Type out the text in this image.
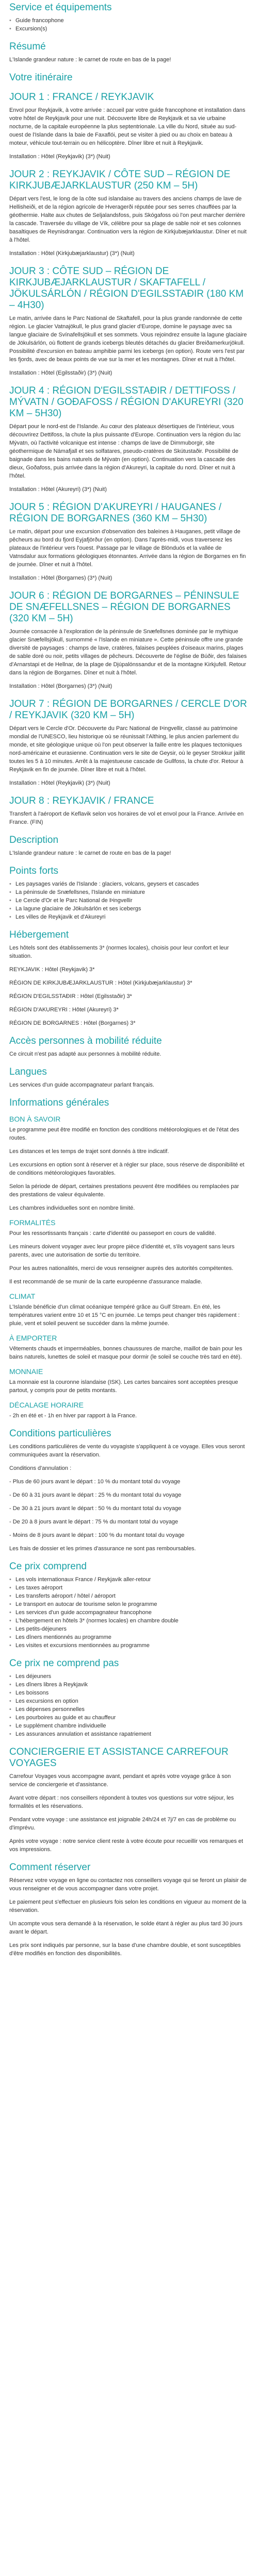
Service et équipements
• Guide francophone
• Excursion(s)
Résumé

L'Islande grandeur nature : le carnet de route en bas de la page!

Votre itinéraire
JOUR 1 : FRANCE / REYKJAVIK

Envol pour Reykjavik, à votre arrivée : accueil par votre guide francophone et installation dans votre hôtel de Reykjavik pour une nuit. Découverte libre de Reykjavik et sa vie urbaine nocturne, de la capitale européenne la plus septentrionale. La ville du Nord, située au sud-ouest de l'Islande dans la baie de Faxaflói, peut se visiter à pied ou au choix en bateau à moteur, véhicule tout-terrain ou en hélicoptère. Dîner libre et nuit à Reykjavik.

Installation : Hôtel (Reykjavik) (3*) (Nuit)

JOUR 2 : REYKJAVIK / CÔTE SUD – RÉGION DE KIRKJUBÆJARKLAUSTUR (250 KM – 5H)

Départ vers l'est, le long de la côte sud islandaise au travers des anciens champs de lave de Hellisheiði, et de la région agricole de Hveragerði réputée pour ses serres chauffées par la géothermie. Halte aux chutes de Seljalandsfoss, puis Skógafoss où l'on peut marcher derrière la cascade. Traversée du village de Vík, célèbre pour sa plage de sable noir et ses colonnes basaltiques de Reynisdrangar. Continuation vers la région de Kirkjubæjarklaustur. Dîner et nuit à l'hôtel.

Installation : Hôtel (Kirkjubæjarklaustur) (3*) (Nuit)

JOUR 3 : CÔTE SUD – RÉGION DE KIRKJUBÆJARKLAUSTUR / SKAFTAFELL / JÖKULSÁRLÓN / RÉGION D'EGILSSTAÐIR (180 KM – 4H30)

Le matin, arrivée dans le Parc National de Skaftafell, pour la plus grande randonnée de cette région. Le glacier Vatnajökull, le plus grand glacier d'Europe, domine le paysage avec sa langue glaciaire de Svínafellsjökull et ses sommets. Vous rejoindrez ensuite la lagune glaciaire de Jökulsárlón, où flottent de grands icebergs bleutés détachés du glacier Breiðamerkurjökull. Possibilité d'excursion en bateau amphibie parmi les icebergs (en option). Route vers l'est par les fjords, avec de beaux points de vue sur la mer et les montagnes. Dîner et nuit à l'hôtel.

Installation : Hôtel (Egilsstaðir) (3*) (Nuit)

JOUR 4 : RÉGION D'EGILSSTAÐIR / DETTIFOSS / MÝVATN / GOÐAFOSS / RÉGION D'AKUREYRI (320 KM – 5H30)

Départ pour le nord-est de l'Islande. Au cœur des plateaux désertiques de l'intérieur, vous découvrirez Dettifoss, la chute la plus puissante d'Europe. Continuation vers la région du lac Mývatn, où l'activité volcanique est intense : champs de lave de Dimmuborgir, site géothermique de Námafjall et ses solfatares, pseudo-cratères de Skútustaðir. Possibilité de baignade dans les bains naturels de Mývatn (en option). Continuation vers la cascade des dieux, Goðafoss, puis arrivée dans la région d'Akureyri, la capitale du nord. Dîner et nuit à l'hôtel.

Installation : Hôtel (Akureyri) (3*) (Nuit)

JOUR 5 : RÉGION D'AKUREYRI / HAUGANES / RÉGION DE BORGARNES (360 KM – 5H30)

Le matin, départ pour une excursion d'observation des baleines à Hauganes, petit village de pêcheurs au bord du fjord Eyjafjörður (en option). Dans l'après-midi, vous traverserez les plateaux de l'intérieur vers l'ouest. Passage par le village de Blönduós et la vallée de Vatnsdalur aux formations géologiques étonnantes. Arrivée dans la région de Borgarnes en fin de journée. Dîner et nuit à l'hôtel.

Installation : Hôtel (Borgarnes) (3*) (Nuit)

JOUR 6 : RÉGION DE BORGARNES – PÉNINSULE DE SNÆFELLSNES – RÉGION DE BORGARNES (320 KM – 5H)

Journée consacrée à l'exploration de la péninsule de Snæfellsnes dominée par le mythique glacier Snæfellsjökull, surnommé « l'Islande en miniature ». Cette péninsule offre une grande diversité de paysages : champs de lave, cratères, falaises peuplées d'oiseaux marins, plages de sable doré ou noir, petits villages de pêcheurs. Découverte de l'église de Búðir, des falaises d'Arnarstapi et de Hellnar, de la plage de Djúpalónssandur et de la montagne Kirkjufell. Retour dans la région de Borgarnes. Dîner et nuit à l'hôtel.

Installation : Hôtel (Borgarnes) (3*) (Nuit)

JOUR 7 : RÉGION DE BORGARNES / CERCLE D'OR / REYKJAVIK (320 KM – 5H)

Départ vers le Cercle d'Or. Découverte du Parc National de Þingvellir, classé au patrimoine mondial de l'UNESCO, lieu historique où se réunissait l'Althing, le plus ancien parlement du monde, et site géologique unique où l'on peut observer la faille entre les plaques tectoniques nord-américaine et eurasienne. Continuation vers le site de Geysir, où le geyser Strokkur jaillit toutes les 5 à 10 minutes. Arrêt à la majestueuse cascade de Gullfoss, la chute d'or. Retour à Reykjavik en fin de journée. Dîner libre et nuit à l'hôtel.

Installation : Hôtel (Reykjavik) (3*) (Nuit)

JOUR 8 : REYKJAVIK / FRANCE

Transfert à l'aéroport de Keflavik selon vos horaires de vol et envol pour la France. Arrivée en France. (FIN)

Description

L'Islande grandeur nature : le carnet de route en bas de la page!

Points forts
• Les paysages variés de l'Islande : glaciers, volcans, geysers et cascades
• La péninsule de Snæfellsnes, l'Islande en miniature
• Le Cercle d'Or et le Parc National de Þingvellir
• La lagune glaciaire de Jökulsárlón et ses icebergs
• Les villes de Reykjavik et d'Akureyri
Hébergement

Les hôtels sont des établissements 3* (normes locales), choisis pour leur confort et leur situation.

REYKJAVIK : Hôtel (Reykjavik) 3*

RÉGION DE KIRKJUBÆJARKLAUSTUR : Hôtel (Kirkjubæjarklaustur) 3*

RÉGION D'EGILSSTAÐIR : Hôtel (Egilsstaðir) 3*

RÉGION D'AKUREYRI : Hôtel (Akureyri) 3*

RÉGION DE BORGARNES : Hôtel (Borgarnes) 3*

Accès personnes à mobilité réduite

Ce circuit n'est pas adapté aux personnes à mobilité réduite.

Langues

Les services d'un guide accompagnateur parlant français.

Informations générales
BON À SAVOIR

Le programme peut être modifié en fonction des conditions météorologiques et de l'état des routes.

Les distances et les temps de trajet sont donnés à titre indicatif.

Les excursions en option sont à réserver et à régler sur place, sous réserve de disponibilité et de conditions météorologiques favorables.

Selon la période de départ, certaines prestations peuvent être modifiées ou remplacées par des prestations de valeur équivalente.

Les chambres individuelles sont en nombre limité.

FORMALITÉS

Pour les ressortissants français : carte d'identité ou passeport en cours de validité.

Les mineurs doivent voyager avec leur propre pièce d'identité et, s'ils voyagent sans leurs parents, avec une autorisation de sortie du territoire.

Pour les autres nationalités, merci de vous renseigner auprès des autorités compétentes.

Il est recommandé de se munir de la carte européenne d'assurance maladie.

CLIMAT

L'Islande bénéficie d'un climat océanique tempéré grâce au Gulf Stream. En été, les températures varient entre 10 et 15 °C en journée. Le temps peut changer très rapidement : pluie, vent et soleil peuvent se succéder dans la même journée.

À EMPORTER

Vêtements chauds et imperméables, bonnes chaussures de marche, maillot de bain pour les bains naturels, lunettes de soleil et masque pour dormir (le soleil se couche très tard en été).

MONNAIE

La monnaie est la couronne islandaise (ISK). Les cartes bancaires sont acceptées presque partout, y compris pour de petits montants.

DÉCALAGE HORAIRE

- 2h en été et - 1h en hiver par rapport à la France.

Conditions particulières

Les conditions particulières de vente du voyagiste s'appliquent à ce voyage. Elles vous seront communiquées avant la réservation.

Conditions d'annulation :

- Plus de 60 jours avant le départ : 10 % du montant total du voyage

- De 60 à 31 jours avant le départ : 25 % du montant total du voyage

- De 30 à 21 jours avant le départ : 50 % du montant total du voyage

- De 20 à 8 jours avant le départ : 75 % du montant total du voyage

- Moins de 8 jours avant le départ : 100 % du montant total du voyage

Les frais de dossier et les primes d'assurance ne sont pas remboursables.

Ce prix comprend
• Les vols internationaux France / Reykjavik aller-retour
• Les taxes aéroport
• Les transferts aéroport / hôtel / aéroport
• Le transport en autocar de tourisme selon le programme
• Les services d'un guide accompagnateur francophone
• L'hébergement en hôtels 3* (normes locales) en chambre double
• Les petits-déjeuners
• Les dîners mentionnés au programme
• Les visites et excursions mentionnées au programme
Ce prix ne comprend pas
• Les déjeuners
• Les dîners libres à Reykjavik
• Les boissons
• Les excursions en option
• Les dépenses personnelles
• Les pourboires au guide et au chauffeur
• Le supplément chambre individuelle
• Les assurances annulation et assistance rapatriement
CONCIERGERIE ET ASSISTANCE CARREFOUR VOYAGES

Carrefour Voyages vous accompagne avant, pendant et après votre voyage grâce à son service de conciergerie et d'assistance.

Avant votre départ : nos conseillers répondent à toutes vos questions sur votre séjour, les formalités et les réservations.

Pendant votre voyage : une assistance est joignable 24h/24 et 7j/7 en cas de problème ou d'imprévu.

Après votre voyage : notre service client reste à votre écoute pour recueillir vos remarques et vos impressions.

Comment réserver

Réservez votre voyage en ligne ou contactez nos conseillers voyage qui se feront un plaisir de vous renseigner et de vous accompagner dans votre projet.

Le paiement peut s'effectuer en plusieurs fois selon les conditions en vigueur au moment de la réservation.

Un acompte vous sera demandé à la réservation, le solde étant à régler au plus tard 30 jours avant le départ.

Les prix sont indiqués par personne, sur la base d'une chambre double, et sont susceptibles d'être modifiés en fonction des disponibilités.
